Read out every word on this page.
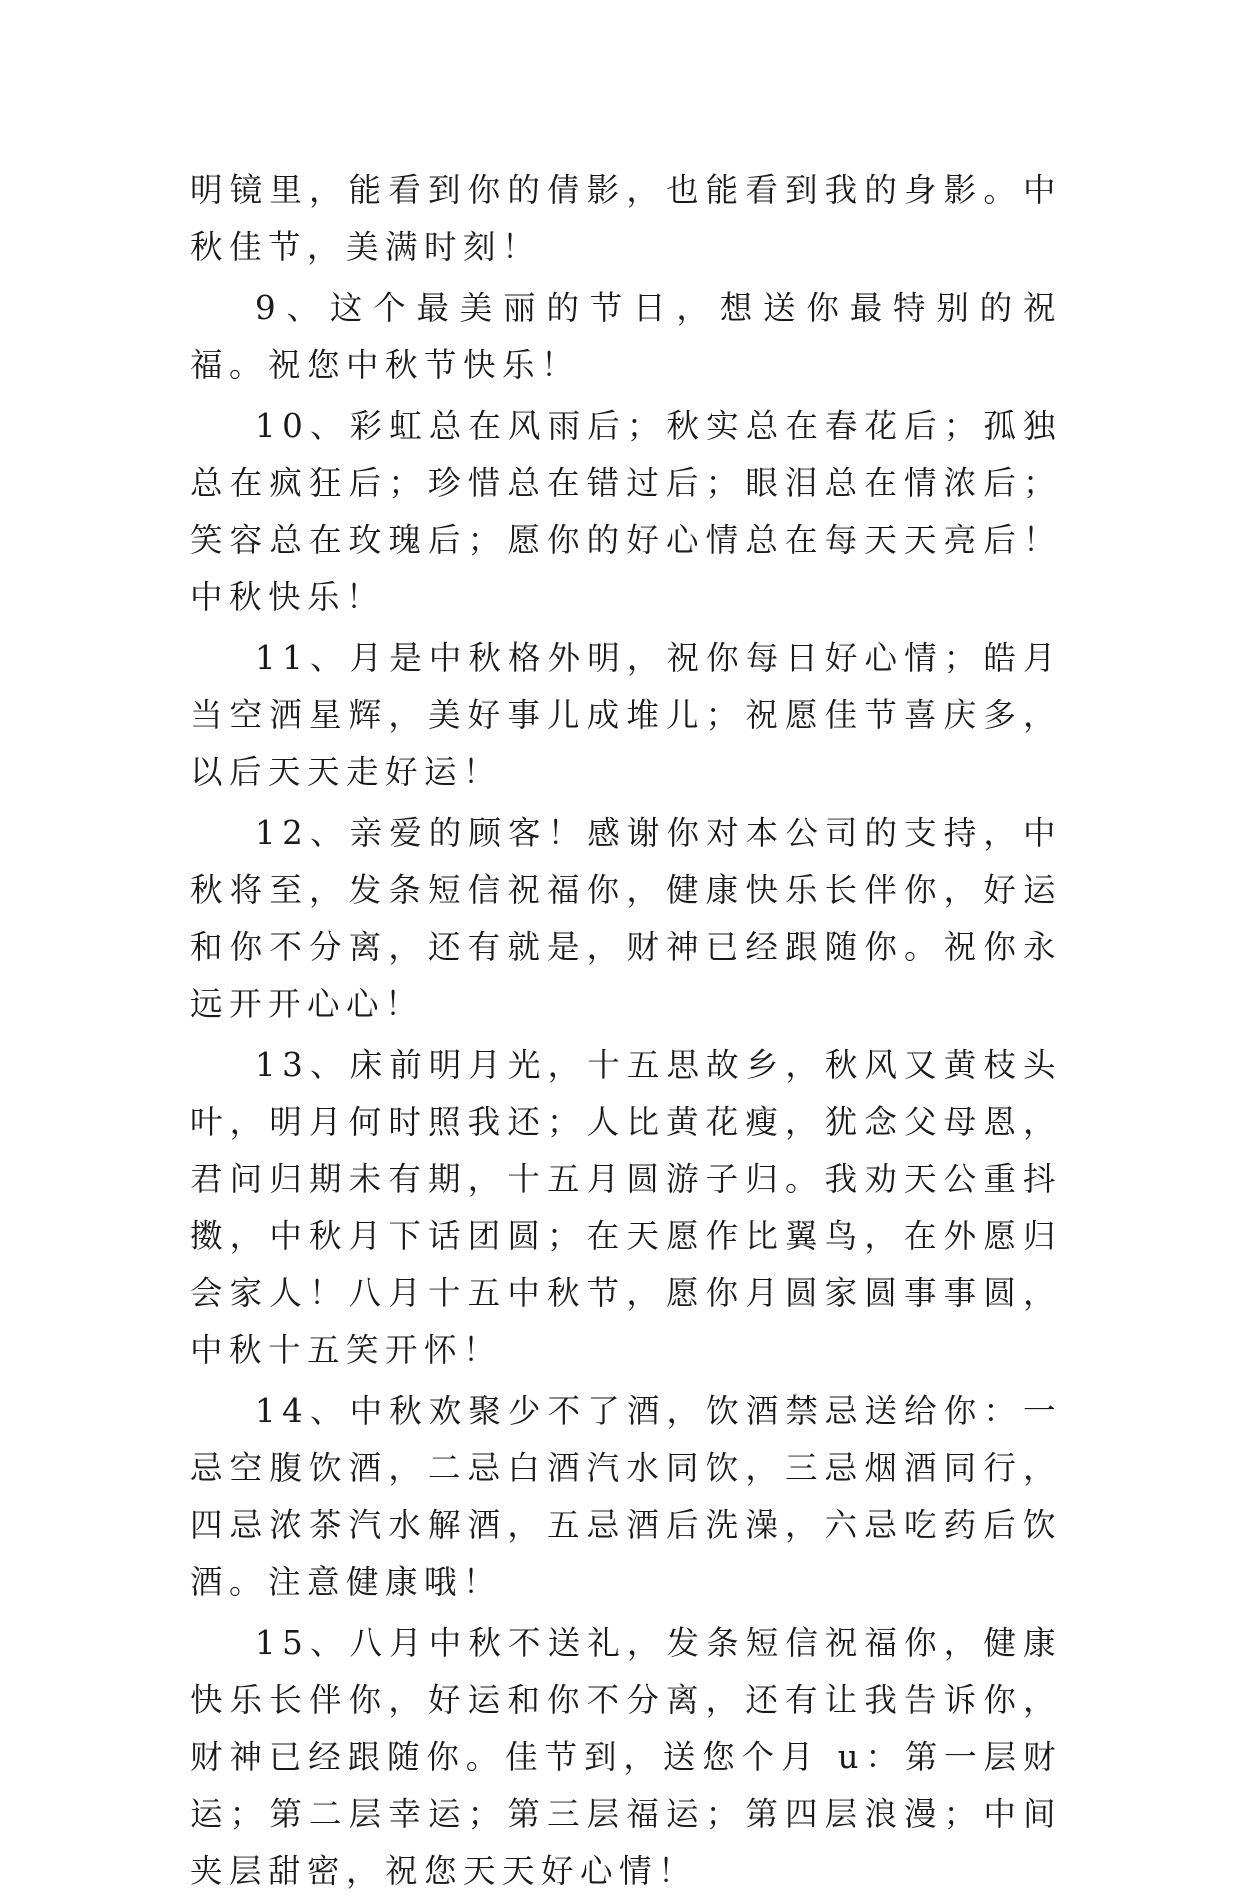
明镜里，能看到你的倩影，也能看到我的身影。中秋佳节，美满时刻！

9、这个最美丽的节日，想送你最特别的祝福。祝您中秋节快乐！

10、彩虹总在风雨后；秋实总在春花后；孤独总在疯狂后；珍惜总在错过后；眼泪总在情浓后；笑容总在玫瑰后；愿你的好心情总在每天天亮后！中秋快乐！

11、月是中秋格外明，祝你每日好心情；皓月当空洒星辉，美好事儿成堆儿；祝愿佳节喜庆多，以后天天走好运！

12、亲爱的顾客！感谢你对本公司的支持，中秋将至，发条短信祝福你，健康快乐长伴你，好运和你不分离，还有就是，财神已经跟随你。祝你永远开开心心！

13、床前明月光，十五思故乡，秋风又黄枝头叶，明月何时照我还；人比黄花瘦，犹念父母恩，君问归期未有期，十五月圆游子归。我劝天公重抖擞，中秋月下话团圆；在天愿作比翼鸟，在外愿归会家人！八月十五中秋节，愿你月圆家圆事事圆，中秋十五笑开怀！

14、中秋欢聚少不了酒，饮酒禁忌送给你：一忌空腹饮酒，二忌白酒汽水同饮，三忌烟酒同行，四忌浓茶汽水解酒，五忌酒后洗澡，六忌吃药后饮酒。注意健康哦！

15、八月中秋不送礼，发条短信祝福你，健康快乐长伴你，好运和你不分离，还有让我告诉你，财神已经跟随你。佳节到，送您个月 u：第一层财运；第二层幸运；第三层福运；第四层浪漫；中间夹层甜密，祝您天天好心情！
